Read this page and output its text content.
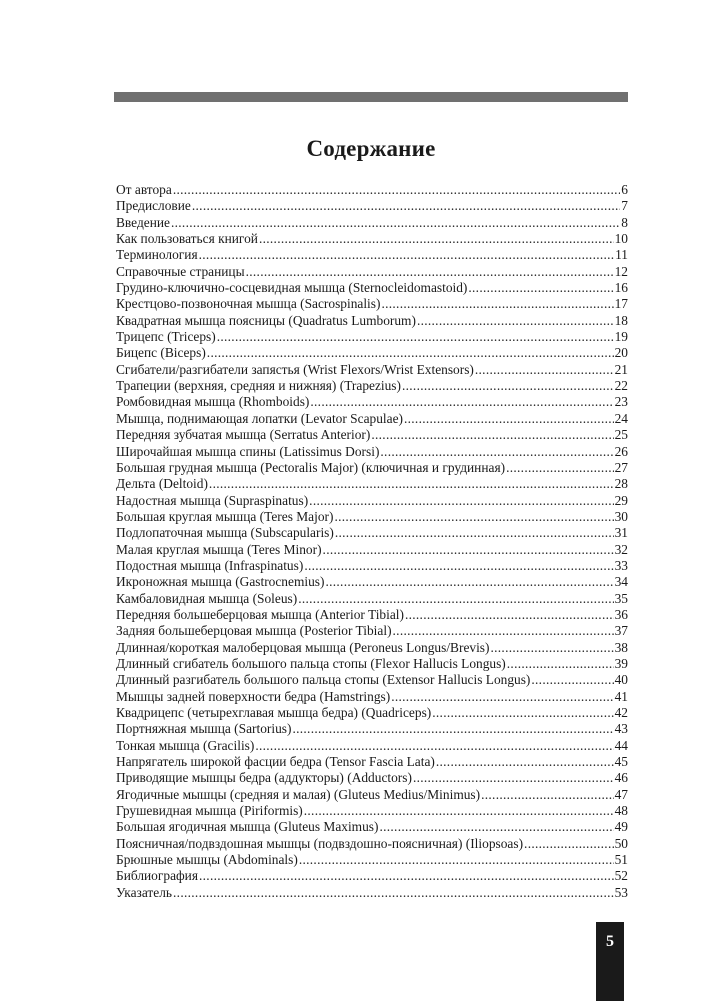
Содержание
От автора .....	6
Предисловие .....	7
Введение .....	8
Как пользоваться книгой .....	10
Терминология .....	11
Справочные страницы .....	12
Грудино-ключично-сосцевидная мышца (Sternocleidomastoid) .....	16
Крестцово-позвоночная мышца (Sacrospinalis) .....	17
Квадратная мышца поясницы (Quadratus Lumborum) .....	18
Трицепс (Triceps) .....	19
Бицепс (Biceps) .....	20
Сгибатели/разгибатели запястья (Wrist Flexors/Wrist Extensors) .....	21
Трапеции (верхняя, средняя и нижняя) (Trapezius) .....	22
Ромбовидная мышца (Rhomboids) .....	23
Мышца, поднимающая лопатки (Levator Scapulae) .....	24
Передняя зубчатая мышца (Serratus Anterior) .....	25
Широчайшая мышца спины (Latissimus Dorsi) .....	26
Большая грудная мышца (Pectoralis Major) (ключичная и грудинная) .....	27
Дельта (Deltoid) .....	28
Надостная мышца (Supraspinatus) .....	29
Большая круглая мышца (Teres Major) .....	30
Подлопаточная мышца (Subscapularis) .....	31
Малая круглая мышца (Teres Minor) .....	32
Подостная мышца (Infraspinatus) .....	33
Икроножная мышца (Gastrocnemius) .....	34
Камбаловидная мышца (Soleus) .....	35
Передняя большеберцовая мышца (Anterior Tibial) .....	36
Задняя большеберцовая мышца (Posterior Tibial) .....	37
Длинная/короткая малоберцовая мышца (Peroneus Longus/Brevis) .....	38
Длинный сгибатель большого пальца стопы (Flexor Hallucis Longus) .....	39
Длинный разгибатель большого пальца стопы (Extensor Hallucis Longus) .....	40
Мышцы задней поверхности бедра (Hamstrings) .....	41
Квадрицепс (четырехглавая мышца бедра) (Quadriceps) .....	42
Портняжная мышца (Sartorius) .....	43
Тонкая мышца (Gracilis) .....	44
Напрягатель широкой фасции бедра (Tensor Fascia Lata) .....	45
Приводящие мышцы бедра (аддукторы) (Adductors) .....	46
Ягодичные мышцы (средняя и малая) (Gluteus Medius/Minimus) .....	47
Грушевидная мышца (Piriformis) .....	48
Большая ягодичная мышца (Gluteus Maximus) .....	49
Поясничная/подвздошная мышцы (подвздошно-поясничная) (Iliopsoas) .....	50
Брюшные мышцы (Abdominals) .....	51
Библиография .....	52
Указатель .....	53
5
